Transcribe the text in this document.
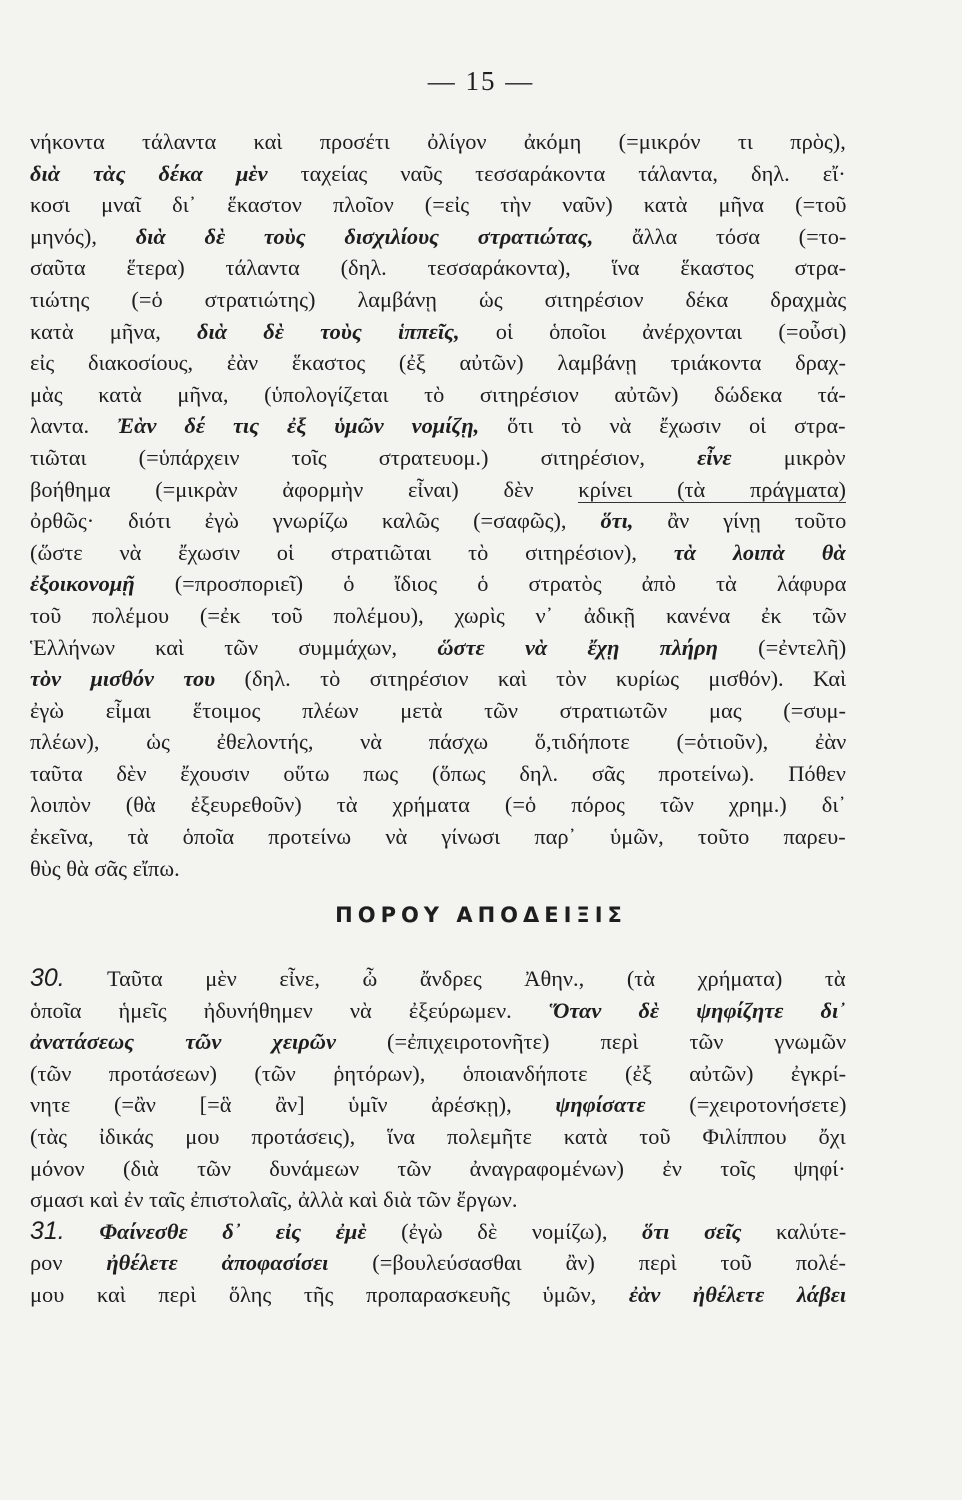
— 15 —
νήκοντα τάλαντα καὶ προσέτι ὀλίγον ἀκόμη (=μικρόν τι πρὸς),
διὰ τὰς δέκα μὲν ταχείας ναῦς τεσσαράκοντα τάλαντα, δηλ. εἴ·
κοσι μναῖ δι᾽ ἕκαστον πλοῖον (=εἰς τὴν ναῦν) κατὰ μῆνα (=τοῦ
μηνός), διὰ δὲ τοὺς δισχιλίους στρατιώτας, ἄλλα τόσα (=το-
σαῦτα ἕτερα) τάλαντα (δηλ. τεσσαράκοντα), ἵνα ἕκαστος στρα-
τιώτης (=ὁ στρατιώτης) λαμβάνῃ ὡς σιτηρέσιον δέκα δραχμὰς
κατὰ μῆνα, διὰ δὲ τοὺς ἱππεῖς, οἱ ὁποῖοι ἀνέρχονται (=οὖσι)
εἰς διακοσίους, ἐὰν ἕκαστος (ἐξ αὐτῶν) λαμβάνῃ τριάκοντα δραχ-
μὰς κατὰ μῆνα, (ὑπολογίζεται τὸ σιτηρέσιον αὐτῶν) δώδεκα τά-
λαντα. Ἐὰν δέ τις ἐξ ὑμῶν νομίζῃ, ὅτι τὸ νὰ ἔχωσιν οἱ στρα-
τιῶται (=ὑπάρχειν τοῖς στρατευομ.) σιτηρέσιον, εἶνε μικρὸν
βοήθημα (=μικρὰν ἀφορμὴν εἶναι) δὲν κρίνει (τὰ πράγματα)
ὀρθῶς· διότι ἐγὼ γνωρίζω καλῶς (=σαφῶς), ὅτι, ἂν γίνῃ τοῦτο
(ὥστε νὰ ἔχωσιν οἱ στρατιῶται τὸ σιτηρέσιον), τὰ λοιπὰ θὰ
ἐξοικονομῇ (=προσποριεῖ) ὁ ἴδιος ὁ στρατὸς ἀπὸ τὰ λάφυρα
τοῦ πολέμου (=ἐκ τοῦ πολέμου), χωρὶς ν᾽ ἀδικῇ κανένα ἐκ τῶν
Ἑλλήνων καὶ τῶν συμμάχων, ὥστε νὰ ἔχῃ πλήρη (=ἐντελῆ)
τὸν μισθόν του (δηλ. τὸ σιτηρέσιον καὶ τὸν κυρίως μισθόν). Καὶ
ἐγὼ εἶμαι ἕτοιμος πλέων μετὰ τῶν στρατιωτῶν μας (=συμ-
πλέων), ὡς ἐθελοντής, νὰ πάσχω ὅ,τιδήποτε (=ὁτιοῦν), ἐὰν
ταῦτα δὲν ἔχουσιν οὕτω πως (ὅπως δηλ. σᾶς προτείνω). Πόθεν
λοιπὸν (θὰ ἐξευρεθοῦν) τὰ χρήματα (=ὁ πόρος τῶν χρημ.) δι᾽
ἐκεῖνα, τὰ ὁποῖα προτείνω νὰ γίνωσι παρ᾽ ὑμῶν, τοῦτο παρευ-
θὺς θὰ σᾶς εἴπω.
ΠΟΡΟΥ ΑΠΟΔΕΙΞΙΣ
30. Ταῦτα μὲν εἶνε, ὦ ἄνδρες Ἀθην., (τὰ χρήματα) τὰ
ὁποῖα ἡμεῖς ἠδυνήθημεν νὰ ἐξεύρωμεν. Ὅταν δὲ ψηφίζητε δι᾽
ἀνατάσεως τῶν χειρῶν (=ἐπιχειροτονῆτε) περὶ τῶν γνωμῶν
(τῶν προτάσεων) (τῶν ῥητόρων), ὁποιανδήποτε (ἐξ αὐτῶν) ἐγκρί-
νητε (=ἂν [=ἃ ἂν] ὑμῖν ἀρέσκῃ), ψηφίσατε (=χειροτονήσετε)
(τὰς ἰδικάς μου προτάσεις), ἵνα πολεμῆτε κατὰ τοῦ Φιλίππου ὄχι
μόνον (διὰ τῶν δυνάμεων τῶν ἀναγραφομένων) ἐν τοῖς ψηφί·
σμασι καὶ ἐν ταῖς ἐπιστολαῖς, ἀλλὰ καὶ διὰ τῶν ἔργων.
31. Φαίνεσθε δ᾽ εἰς ἐμὲ (ἐγὼ δὲ νομίζω), ὅτι σεῖς καλύτε-
ρον ἠθέλετε ἀποφασίσει (=βουλεύσασθαι ἂν) περὶ τοῦ πολέ-
μου καὶ περὶ ὅλης τῆς προπαρασκευῆς ὑμῶν, ἐὰν ἠθέλετε λάβει
